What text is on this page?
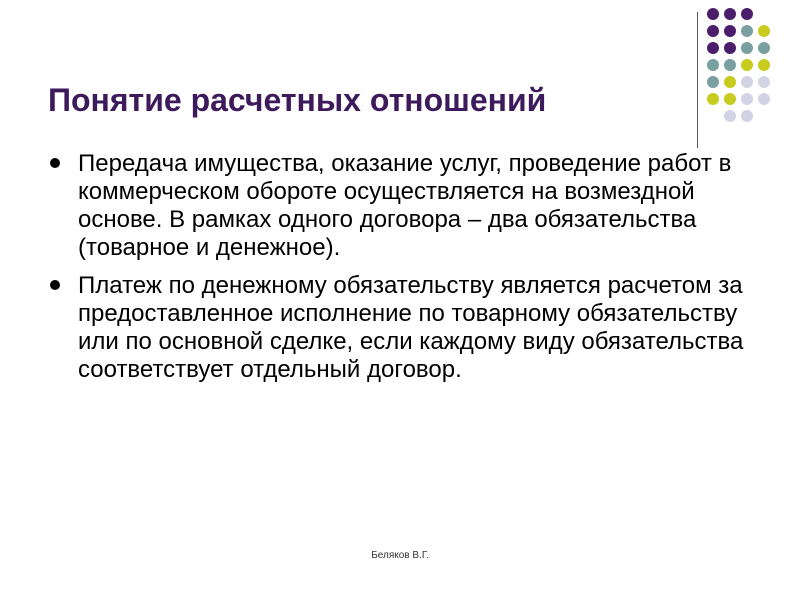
Понятие расчетных отношений
Передача имущества, оказание услуг, проведение работ в коммерческом обороте осуществляется на возмездной основе. В рамках одного договора – два обязательства (товарное и денежное).
Платеж по денежному обязательству является расчетом за предоставленное исполнение по товарному обязательству или по основной сделке, если каждому виду обязательства соответствует отдельный договор.
Беляков В.Г.
